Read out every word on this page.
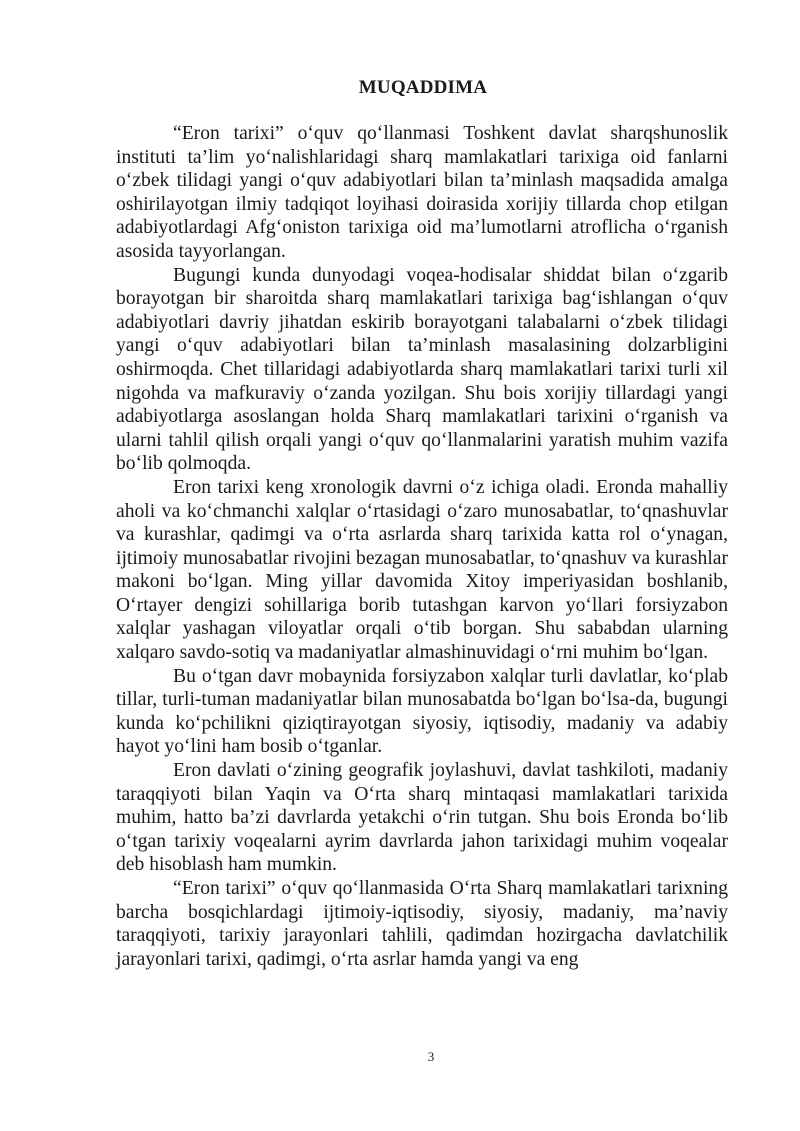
MUQADDIMA

“Eron tarixi” o‘quv qo‘llanmasi Toshkent davlat sharqshunoslik instituti ta’lim yo‘nalishlaridagi sharq mamlakatlari tarixiga oid fanlarni o‘zbek tilidagi yangi o‘quv adabiyotlari bilan ta’minlash maqsadida amalga oshirilayotgan ilmiy tadqiqot loyihasi doirasida xorijiy tillarda chop etilgan adabiyotlardagi Afg‘oniston tarixiga oid ma’lumotlarni atroflicha o‘rganish asosida tayyorlangan.

Bugungi kunda dunyodagi voqea-hodisalar shiddat bilan o‘zgarib borayotgan bir sharoitda sharq mamlakatlari tarixiga bag‘ishlangan o‘quv adabiyotlari davriy jihatdan eskirib borayotgani talabalarni o‘zbek tilidagi yangi o‘quv adabiyotlari bilan ta’minlash masalasining dolzarbligini oshirmoqda. Chet tillaridagi adabiyotlarda sharq mamlakatlari tarixi turli xil nigohda va mafkuraviy o‘zanda yozilgan. Shu bois xorijiy tillardagi yangi adabiyotlarga asoslangan holda Sharq mamlakatlari tarixini o‘rganish va ularni tahlil qilish orqali yangi o‘quv qo‘llanmalarini yaratish muhim vazifa bo‘lib qolmoqda.

Eron tarixi keng xronologik davrni o‘z ichiga oladi. Eronda mahalliy aholi va ko‘chmanchi xalqlar o‘rtasidagi o‘zaro munosabatlar, to‘qnashuvlar va kurashlar, qadimgi va o‘rta asrlarda sharq tarixida katta rol o‘ynagan, ijtimoiy munosabatlar rivojini bezagan munosabatlar, to‘qnashuv va kurashlar makoni bo‘lgan. Ming yillar davomida Xitoy imperiyasidan boshlanib, O‘rtayer dengizi sohillariga borib tutashgan karvon yo‘llari forsiyzabon xalqlar yashagan viloyatlar orqali o‘tib borgan. Shu sababdan ularning xalqaro savdo-sotiq va madaniyatlar almashinuvidagi o‘rni muhim bo‘lgan.

Bu o‘tgan davr mobaynida forsiyzabon xalqlar turli davlatlar, ko‘plab tillar, turli-tuman madaniyatlar bilan munosabatda bo‘lgan bo‘lsa-da, bugungi kunda ko‘pchilikni qiziqtirayotgan siyosiy, iqtisodiy, madaniy va adabiy hayot yo‘lini ham bosib o‘tganlar.

Eron davlati o‘zining geografik joylashuvi, davlat tashkiloti, madaniy taraqqiyoti bilan Yaqin va O‘rta sharq mintaqasi mamlakatlari tarixida muhim, hatto ba’zi davrlarda yetakchi o‘rin tutgan. Shu bois Eronda bo‘lib o‘tgan tarixiy voqealarni ayrim davrlarda jahon tarixidagi muhim voqealar deb hisoblash ham mumkin.

“Eron tarixi” o‘quv qo‘llanmasida O‘rta Sharq mamlakatlari tarixning barcha bosqichlardagi ijtimoiy-iqtisodiy, siyosiy, madaniy, ma’naviy taraqqiyoti, tarixiy jarayonlari tahlili, qadimdan hozirgacha davlatchilik jarayonlari tarixi, qadimgi, o‘rta asrlar hamda yangi va eng

3
